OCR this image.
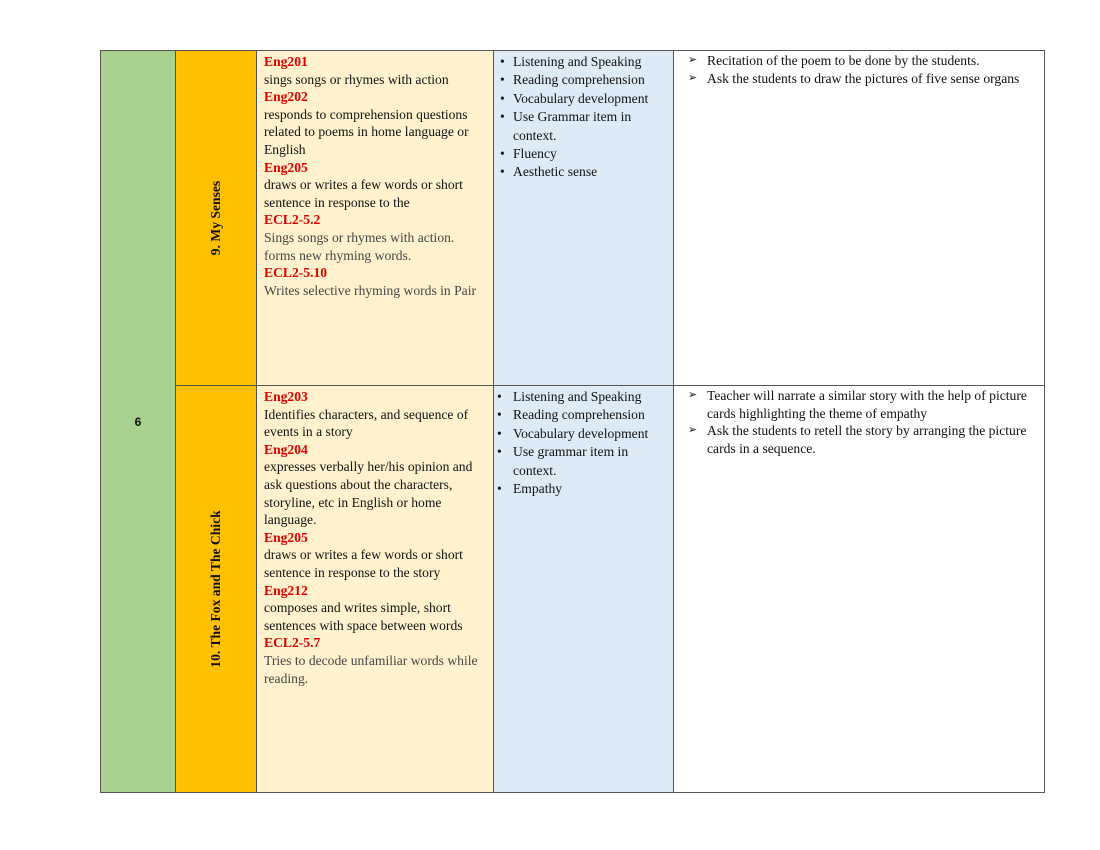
6
9. My Senses
Eng201
sings songs or rhymes with action
Eng202
responds to comprehension questions related to poems in home language or English
Eng205
draws or writes a few words or short sentence in response to the
ECL2-5.2
Sings songs or rhymes with action. forms new rhyming words.
ECL2-5.10
Writes selective rhyming words in Pair
• Listening and Speaking
• Reading comprehension
• Vocabulary development
• Use Grammar item in context.
• Fluency
• Aesthetic sense
➢ Recitation of the poem to be done by the students.
➢ Ask the students to draw the pictures of five sense organs
10. The Fox and The Chick
Eng203
Identifies characters, and sequence of events in a story
Eng204
expresses verbally her/his opinion and ask questions about the characters, storyline, etc in English or home language.
Eng205
draws or writes a few words or short sentence in response to the story
Eng212
composes and writes simple, short sentences with space between words
ECL2-5.7
Tries to decode unfamiliar words while reading.
• Listening and Speaking
• Reading comprehension
• Vocabulary development
• Use grammar item in context.
• Empathy
➢ Teacher will narrate a similar story with the help of picture cards highlighting the theme of empathy
➢ Ask the students to retell the story by arranging the picture cards in a sequence.
